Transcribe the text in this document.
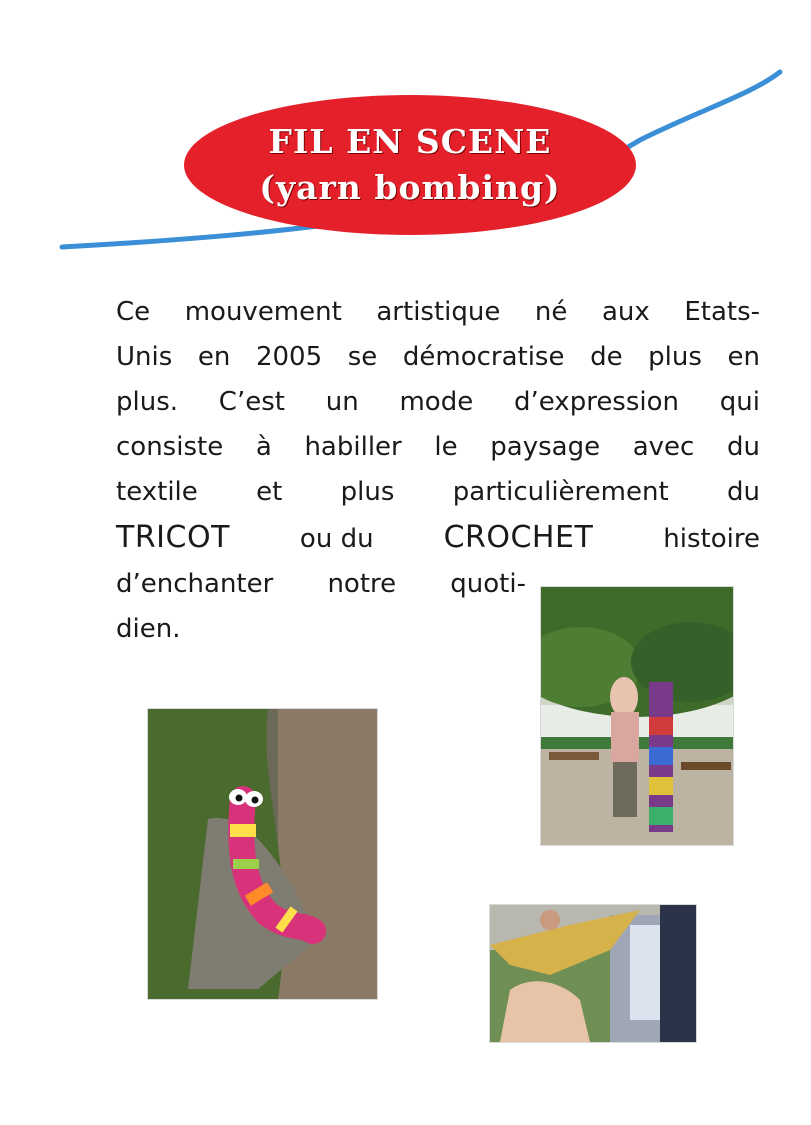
FIL EN SCENE
(yarn bombing)
Ce mouvement artistique né aux Etats-
Unis en 2005 se démocratise de plus en
plus. C’est un mode d’expression qui
consiste à habiller le paysage avec du
textile et plus particulièrement du
TRICOT	ou du CROCHET	histoire
d’enchanter notre quoti-
dien.
